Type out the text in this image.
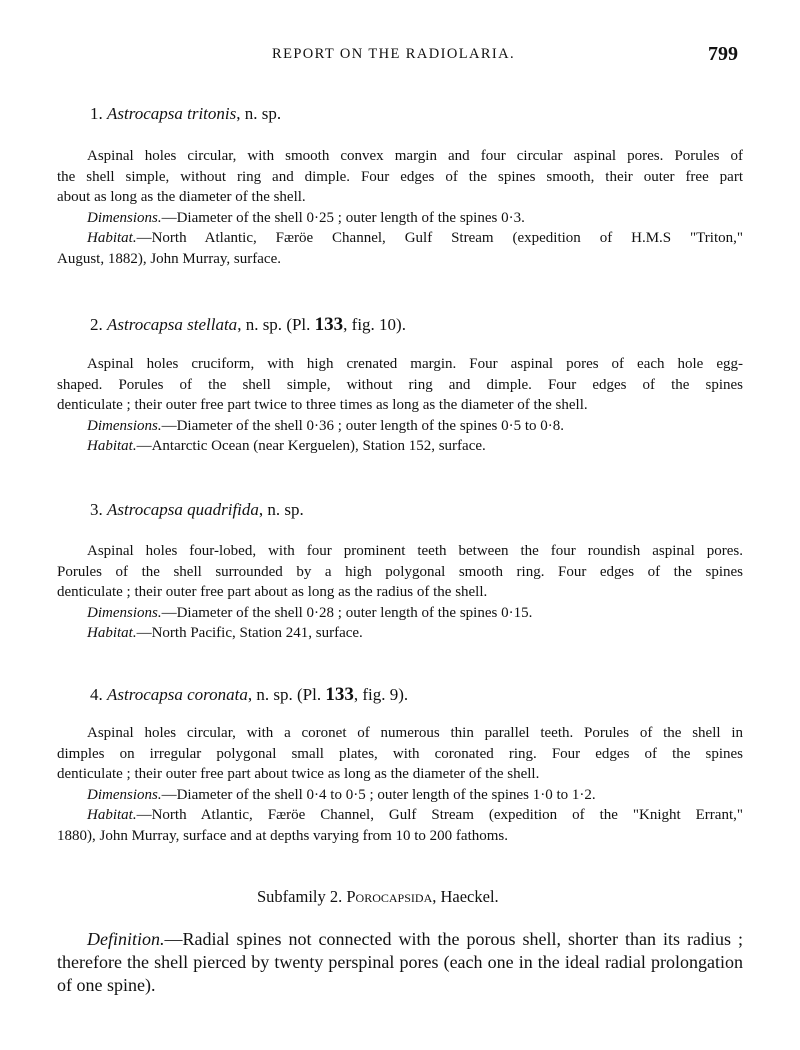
REPORT ON THE RADIOLARIA.	799
1. Astrocapsa tritonis, n. sp.
Aspinal holes circular, with smooth convex margin and four circular aspinal pores. Porules of
the shell simple, without ring and dimple. Four edges of the spines smooth, their outer free part
about as long as the diameter of the shell.
Dimensions.—Diameter of the shell 0·25 ; outer length of the spines 0·3.
Habitat.—North Atlantic, Færöe Channel, Gulf Stream (expedition of H.M.S "Triton,"
August, 1882), John Murray, surface.
2. Astrocapsa stellata, n. sp. (Pl. 133, fig. 10).
Aspinal holes cruciform, with high crenated margin. Four aspinal pores of each hole egg-
shaped. Porules of the shell simple, without ring and dimple. Four edges of the spines
denticulate ; their outer free part twice to three times as long as the diameter of the shell.
Dimensions.—Diameter of the shell 0·36 ; outer length of the spines 0·5 to 0·8.
Habitat.—Antarctic Ocean (near Kerguelen), Station 152, surface.
3. Astrocapsa quadrifida, n. sp.
Aspinal holes four-lobed, with four prominent teeth between the four roundish aspinal pores.
Porules of the shell surrounded by a high polygonal smooth ring. Four edges of the spines
denticulate ; their outer free part about as long as the radius of the shell.
Dimensions.—Diameter of the shell 0·28 ; outer length of the spines 0·15.
Habitat.—North Pacific, Station 241, surface.
4. Astrocapsa coronata, n. sp. (Pl. 133, fig. 9).
Aspinal holes circular, with a coronet of numerous thin parallel teeth. Porules of the shell in
dimples on irregular polygonal small plates, with coronated ring. Four edges of the spines
denticulate ; their outer free part about twice as long as the diameter of the shell.
Dimensions.—Diameter of the shell 0·4 to 0·5 ; outer length of the spines 1·0 to 1·2.
Habitat.—North Atlantic, Færöe Channel, Gulf Stream (expedition of the "Knight Errant,"
1880), John Murray, surface and at depths varying from 10 to 200 fathoms.
Subfamily 2. Porocapsida, Haeckel.

Definition.—Radial spines not connected with the porous shell, shorter than its radius ; therefore the shell pierced by twenty perspinal pores (each one in the ideal radial prolongation of one spine).
